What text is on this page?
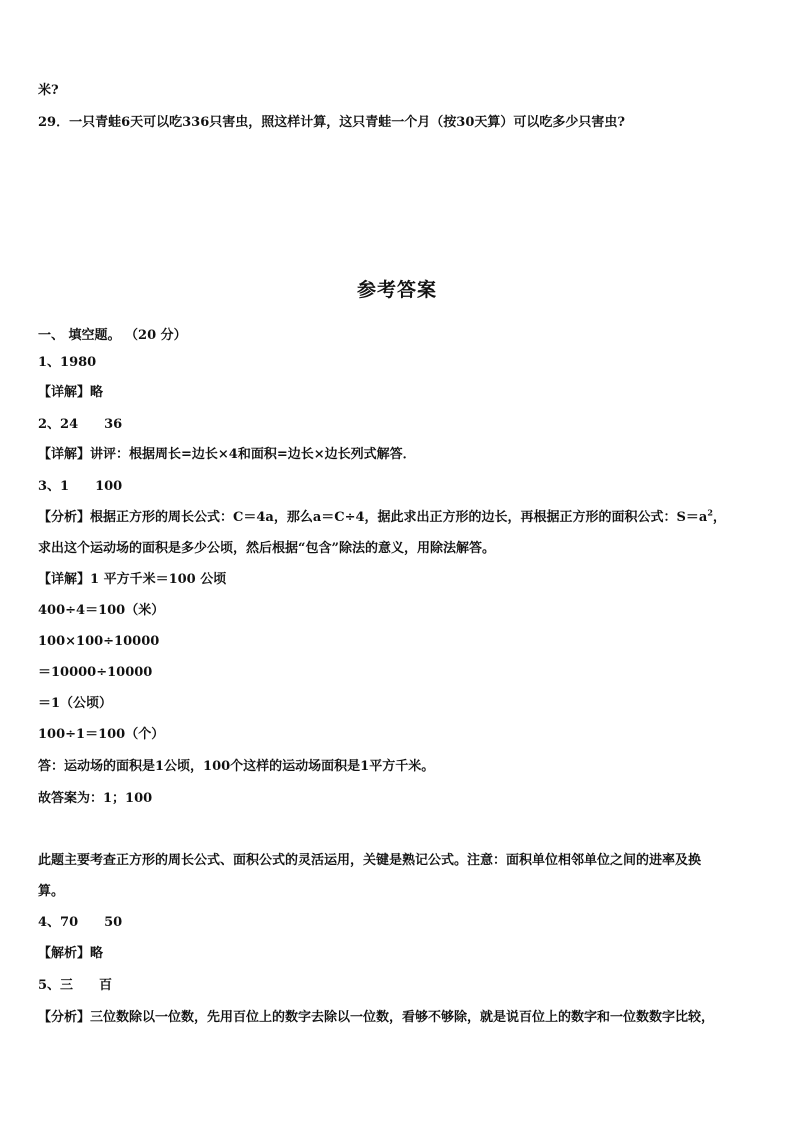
米?
29．一只青蛙6天可以吃336只害虫，照这样计算，这只青蛙一个月（按30天算）可以吃多少只害虫?
参考答案
一、 填空题。 （20 分）
1、1980
【详解】略
2、24 36
【详解】讲评：根据周长=边长×4和面积=边长×边长列式解答．
3、1 100
【分析】根据正方形的周长公式：C＝4a，那么a＝C÷4，据此求出正方形的边长，再根据正方形的面积公式：$S=a^2$，
求出这个运动场的面积是多少公顷，然后根据“包含”除法的意义，用除法解答。
【详解】1 平方千米＝100 公顷
400÷4＝100（米）
100×100÷10000
＝10000÷10000
＝1（公顷）
100÷1＝100（个）
答：运动场的面积是1公顷，100个这样的运动场面积是1平方千米。
故答案为：1；100
此题主要考查正方形的周长公式、面积公式的灵活运用，关键是熟记公式。注意：面积单位相邻单位之间的进率及换
算。
4、70 50
【解析】略
5、三 百
【分析】三位数除以一位数，先用百位上的数字去除以一位数，看够不够除，就是说百位上的数字和一位数数字比较，
